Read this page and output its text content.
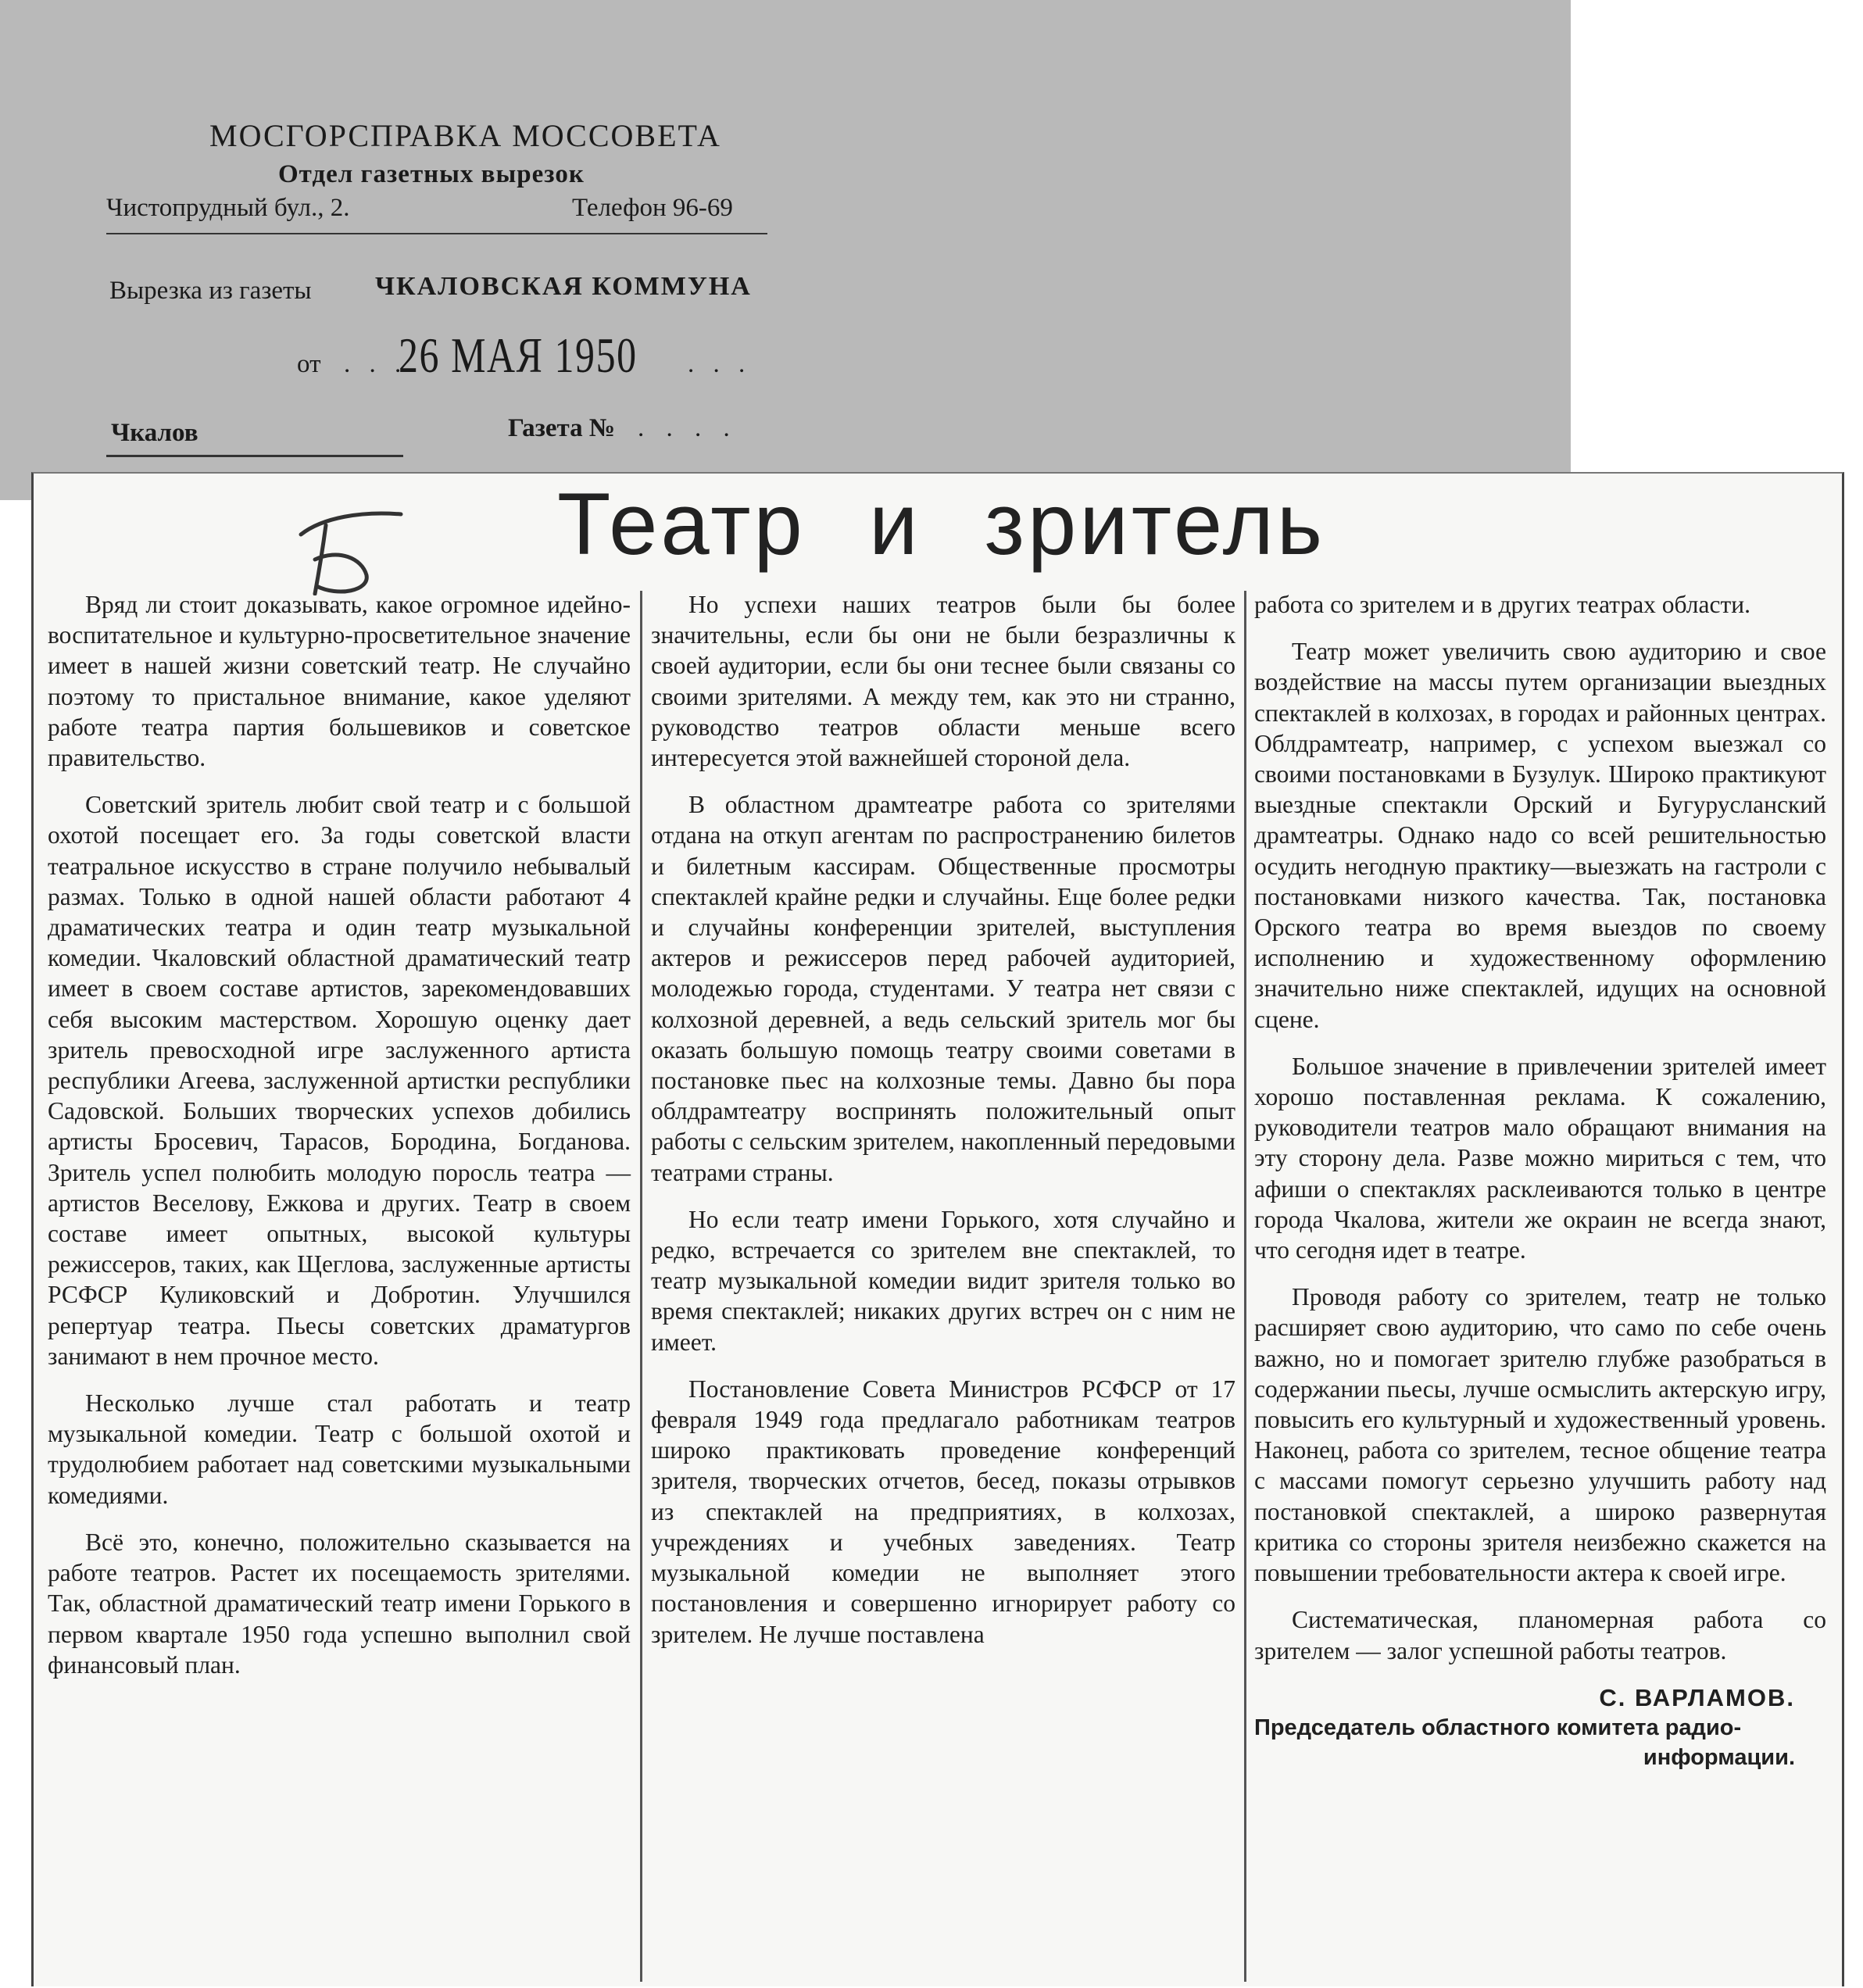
МОСГОРСПРАВКА МОССОВЕТА
Отдел газетных вырезок
Чистопрудный бул., 2.	Телефон 96-69
Вырезка из газеты ЧКАЛОВСКАЯ КОММУНА
от . . .
26 МАЯ 1950 . . .
Чкалов	Газета № . . . .
Театр и зритель

Вряд ли стоит доказывать, какое огромное идейно-воспитательное и культурно-просветительное значение имеет в нашей жизни советский театр. Не случайно поэтому то пристальное внимание, какое уделяют работе театра партия большевиков и советское правительство.

Советский зритель любит свой театр и с большой охотой посещает его. За годы советской власти театральное искусство в стране получило небывалый размах. Только в одной нашей области работают 4 драматических театра и один театр музыкальной комедии. Чкаловский областной драматический театр имеет в своем составе артистов, зарекомендовавших себя высоким мастерством. Хорошую оценку дает зритель превосходной игре заслуженного артиста республики Агеева, заслуженной артистки республики Садовской. Больших творческих успехов добились артисты Бросевич, Тарасов, Бородина, Богданова. Зритель успел полюбить молодую поросль театра — артистов Веселову, Ежкова и других. Театр в своем составе имеет опытных, высокой культуры режиссеров, таких, как Щеглова, заслуженные артисты РСФСР Куликовский и Добротин. Улучшился репертуар театра. Пьесы советских драматургов занимают в нем прочное место.

Несколько лучше стал работать и театр музыкальной комедии. Театр с большой охотой и трудолюбием работает над советскими музыкальными комедиями.

Всё это, конечно, положительно сказывается на работе театров. Растет их посещаемость зрителями. Так, областной драматический театр имени Горького в первом квартале 1950 года успешно выполнил свой финансовый план.

Но успехи наших театров были бы более значительны, если бы они не были безразличны к своей аудитории, если бы они теснее были связаны со своими зрителями. А между тем, как это ни странно, руководство театров области меньше всего интересуется этой важнейшей стороной дела.

В областном драмтеатре работа со зрителями отдана на откуп агентам по распространению билетов и билетным кассирам. Общественные просмотры спектаклей крайне редки и случайны. Еще более редки и случайны конференции зрителей, выступления актеров и режиссеров перед рабочей аудиторией, молодежью города, студентами. У театра нет связи с колхозной деревней, а ведь сельский зритель мог бы оказать большую помощь театру своими советами в постановке пьес на колхозные темы. Давно бы пора облдрамтеатру воспринять положительный опыт работы с сельским зрителем, накопленный передовыми театрами страны.

Но если театр имени Горького, хотя случайно и редко, встречается со зрителем вне спектаклей, то театр музыкальной комедии видит зрителя только во время спектаклей; никаких других встреч он с ним не имеет.

Постановление Совета Министров РСФСР от 17 февраля 1949 года предлагало работникам театров широко практиковать проведение конференций зрителя, творческих отчетов, бесед, показы отрывков из спектаклей на предприятиях, в колхозах, учреждениях и учебных заведениях. Театр музыкальной комедии не выполняет этого постановления и совершенно игнорирует работу со зрителем. Не лучше поставлена

работа со зрителем и в других театрах области.

Театр может увеличить свою аудиторию и свое воздействие на массы путем организации выездных спектаклей в колхозах, в городах и районных центрах. Облдрамтеатр, например, с успехом выезжал со своими постановками в Бузулук. Широко практикуют выездные спектакли Орский и Бугурусланский драмтеатры. Однако надо со всей решительностью осудить негодную практику—выезжать на гастроли с постановками низкого качества. Так, постановка Орского театра во время выездов по своему исполнению и художественному оформлению значительно ниже спектаклей, идущих на основной сцене.

Большое значение в привлечении зрителей имеет хорошо поставленная реклама. К сожалению, руководители театров мало обращают внимания на эту сторону дела. Разве можно мириться с тем, что афиши о спектаклях расклеиваются только в центре города Чкалова, жители же окраин не всегда знают, что сегодня идет в театре.

Проводя работу со зрителем, театр не только расширяет свою аудиторию, что само по себе очень важно, но и помогает зрителю глубже разобраться в содержании пьесы, лучше осмыслить актерскую игру, повысить его культурный и художественный уровень. Наконец, работа со зрителем, тесное общение театра с массами помогут серьезно улучшить работу над постановкой спектаклей, а широко развернутая критика со стороны зрителя неизбежно скажется на повышении требовательности актера к своей игре.

Систематическая, планомерная работа со зрителем — залог успешной работы театров.

С. ВАРЛАМОВ.
Председатель областного комитета радио-
информации.
